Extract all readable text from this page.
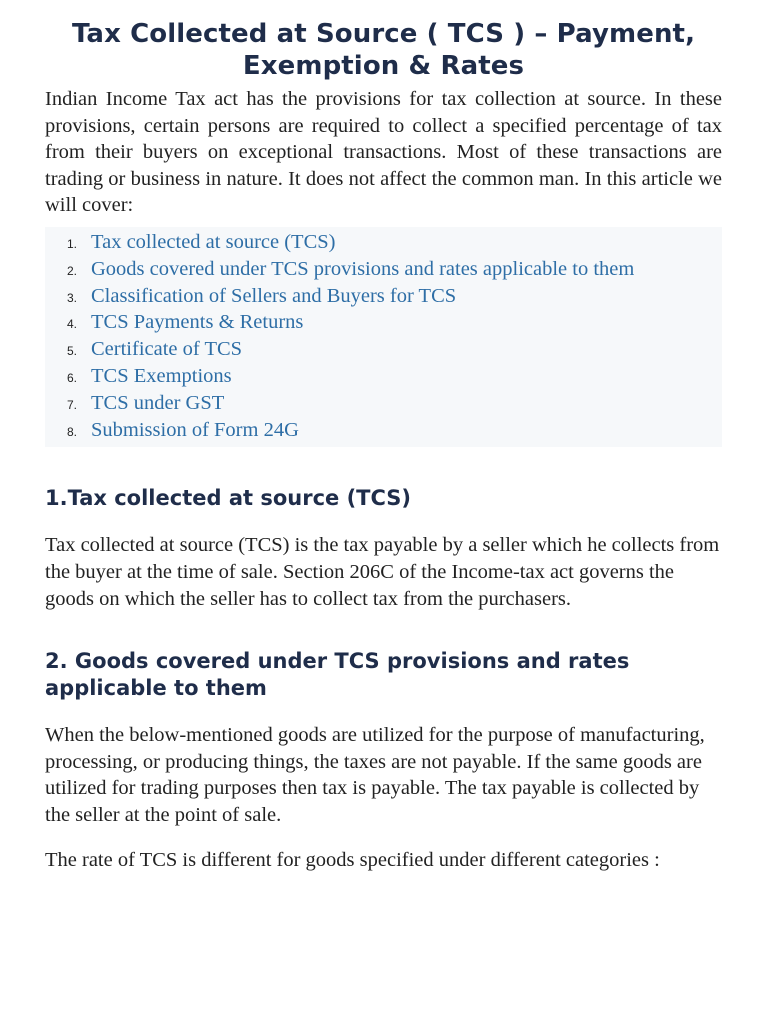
Tax Collected at Source ( TCS ) – Payment, Exemption & Rates

Indian Income Tax act has the provisions for tax collection at source. In these provisions, certain persons are required to collect a specified percentage of tax from their buyers on exceptional transactions. Most of these transactions are trading or business in nature. It does not affect the common man. In this article we will cover:

1. Tax collected at source (TCS)
2. Goods covered under TCS provisions and rates applicable to them
3. Classification of Sellers and Buyers for TCS
4. TCS Payments & Returns
5. Certificate of TCS
6. TCS Exemptions
7. TCS under GST
8. Submission of Form 24G
1.Tax collected at source (TCS)

Tax collected at source (TCS) is the tax payable by a seller which he collects from the buyer at the time of sale. Section 206C of the Income-tax act governs the goods on which the seller has to collect tax from the purchasers.

2. Goods covered under TCS provisions and rates applicable to them

When the below-mentioned goods are utilized for the purpose of manufacturing, processing, or producing things, the taxes are not payable. If the same goods are utilized for trading purposes then tax is payable. The tax payable is collected by the seller at the point of sale.

The rate of TCS is different for goods specified under different categories :
